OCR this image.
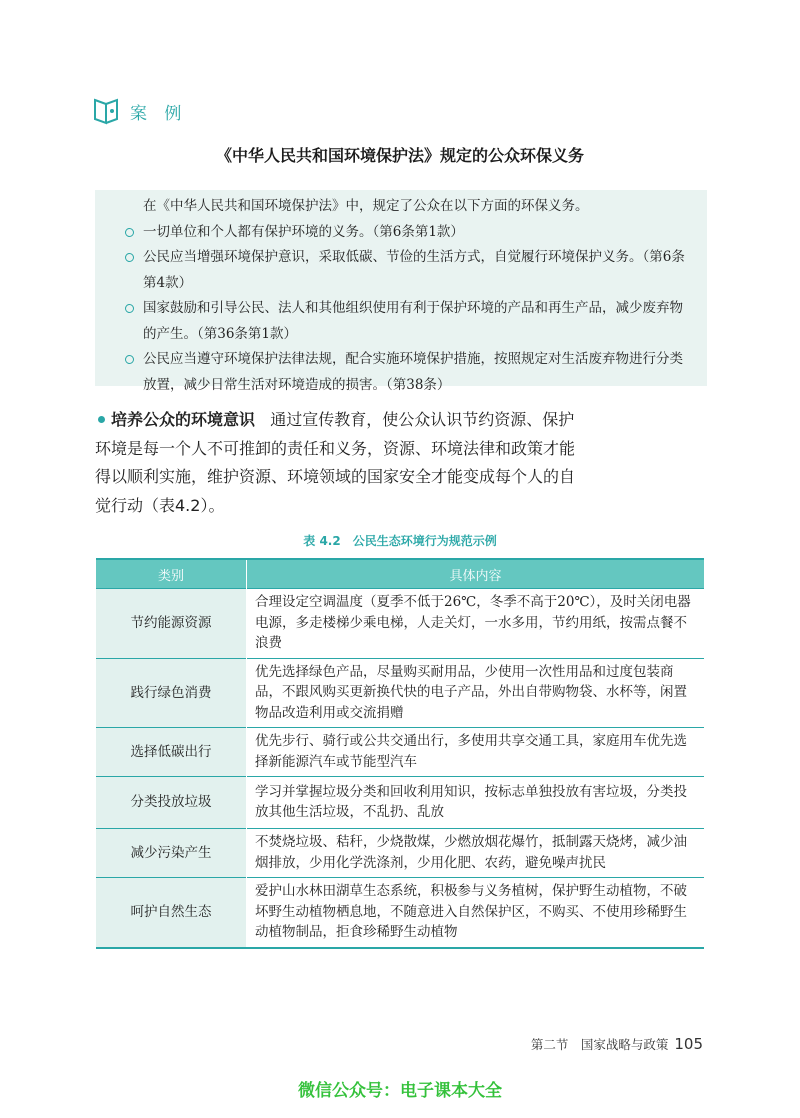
案 例
《中华人民共和国环境保护法》规定的公众环保义务

在《中华人民共和国环境保护法》中，规定了公众在以下方面的环保义务。

一切单位和个人都有保护环境的义务。（第6条第1款）
公民应当增强环境保护意识，采取低碳、节俭的生活方式，自觉履行环境保护义务。（第6条第4款）
国家鼓励和引导公民、法人和其他组织使用有利于保护环境的产品和再生产品，减少废弃物的产生。（第36条第1款）
公民应当遵守环境保护法律法规，配合实施环境保护措施，按照规定对生活废弃物进行分类放置，减少日常生活对环境造成的损害。（第38条）
培养公众的环境意识 通过宣传教育，使公众认识节约资源、保护环境是每一个人不可推卸的责任和义务，资源、环境法律和政策才能得以顺利实施，维护资源、环境领域的国家安全才能变成每个人的自觉行动（表4.2）。
表 4.2　公民生态环境行为规范示例
类别	具体内容
节约能源资源	合理设定空调温度（夏季不低于26℃，冬季不高于20℃），及时关闭电器电源，多走楼梯少乘电梯，人走关灯，一水多用，节约用纸，按需点餐不浪费
践行绿色消费	优先选择绿色产品，尽量购买耐用品，少使用一次性用品和过度包装商品，不跟风购买更新换代快的电子产品，外出自带购物袋、水杯等，闲置物品改造利用或交流捐赠
选择低碳出行	优先步行、骑行或公共交通出行，多使用共享交通工具，家庭用车优先选择新能源汽车或节能型汽车
分类投放垃圾	学习并掌握垃圾分类和回收利用知识，按标志单独投放有害垃圾，分类投放其他生活垃圾，不乱扔、乱放
减少污染产生	不焚烧垃圾、秸秆，少烧散煤，少燃放烟花爆竹，抵制露天烧烤，减少油烟排放，少用化学洗涤剂，少用化肥、农药，避免噪声扰民
呵护自然生态	爱护山水林田湖草生态系统，积极参与义务植树，保护野生动植物，不破坏野生动植物栖息地，不随意进入自然保护区，不购买、不使用珍稀野生动植物制品，拒食珍稀野生动植物
第二节　国家战略与政策 105
微信公众号：电子课本大全
